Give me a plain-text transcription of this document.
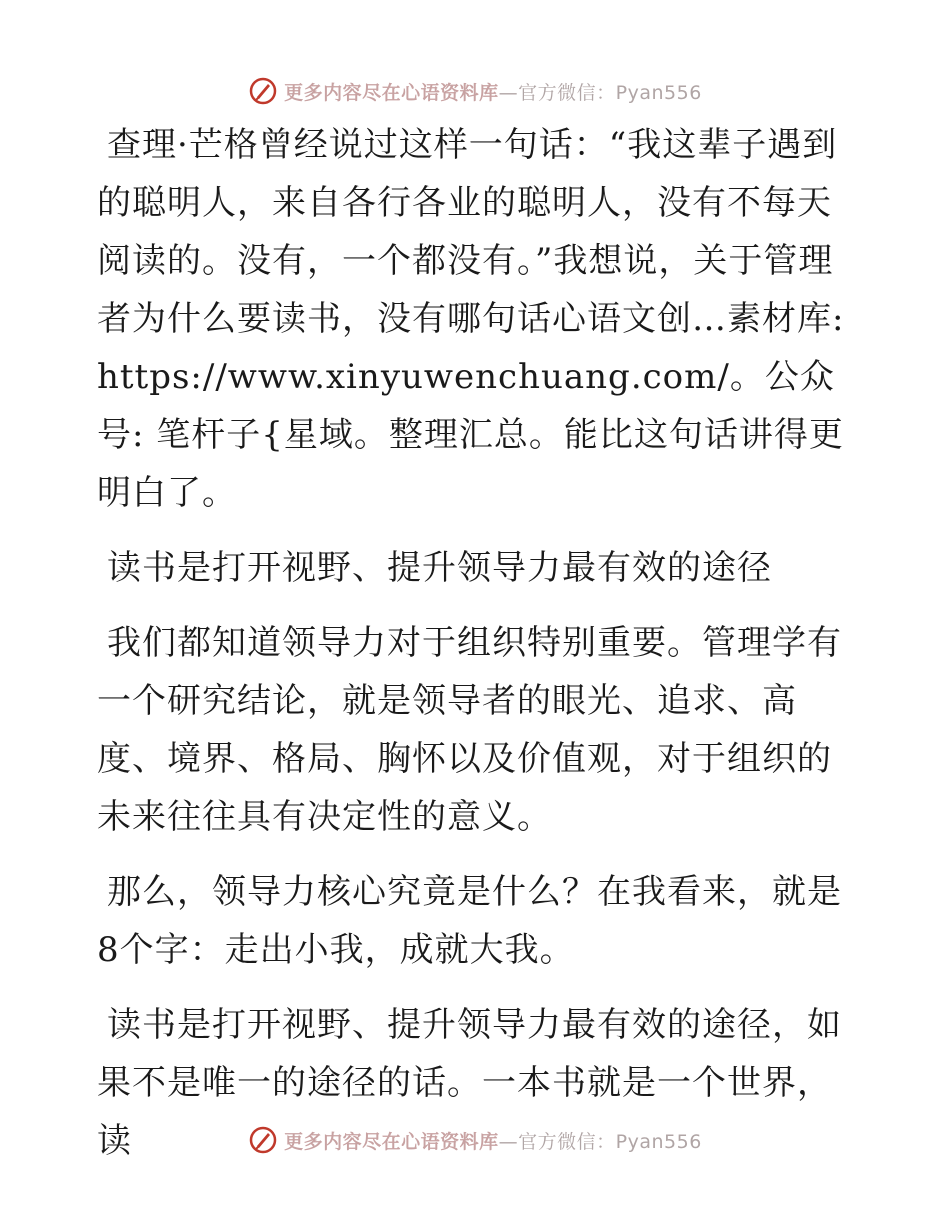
更多内容尽在心语资料库—官方微信：Pyan556

查理·芒格曾经说过这样一句话：“我这辈子遇到的聪明人，来自各行各业的聪明人，没有不每天阅读的。没有，一个都没有。”我想说，关于管理者为什么要读书，没有哪句话心语文创…素材库:https://www.xinyuwenchuang.com/。公众号: 笔杆子{星域。整理汇总。能比这句话讲得更明白了。

读书是打开视野、提升领导力最有效的途径

我们都知道领导力对于组织特别重要。管理学有一个研究结论，就是领导者的眼光、追求、高度、境界、格局、胸怀以及价值观，对于组织的未来往往具有决定性的意义。

那么，领导力核心究竟是什么？在我看来，就是8个字：走出小我，成就大我。

读书是打开视野、提升领导力最有效的途径，如果不是唯一的途径的话。一本书就是一个世界，读	更多内容尽在心语资料库—官方微信：Pyan556
